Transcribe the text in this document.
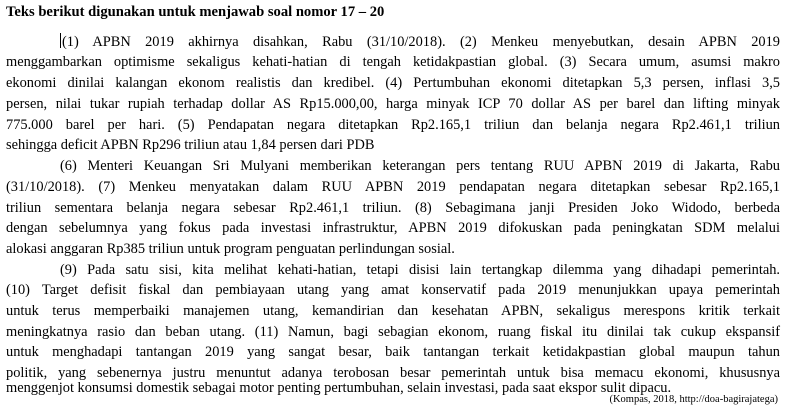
Teks berikut digunakan untuk menjawab soal nomor 17 – 20
(1) APBN 2019 akhirnya disahkan, Rabu (31/10/2018). (2) Menkeu menyebutkan, desain APBN 2019
menggambarkan optimisme sekaligus kehati-hatian di tengah ketidakpastian global. (3) Secara umum, asumsi makro
ekonomi dinilai kalangan ekonom realistis dan kredibel. (4) Pertumbuhan ekonomi ditetapkan 5,3 persen, inflasi 3,5
persen, nilai tukar rupiah terhadap dollar AS Rp15.000,00, harga minyak ICP 70 dollar AS per barel dan lifting minyak
775.000 barel per hari. (5) Pendapatan negara ditetapkan Rp2.165,1 triliun dan belanja negara Rp2.461,1 triliun
sehingga deficit APBN Rp296 triliun atau 1,84 persen dari PDB
(6) Menteri Keuangan Sri Mulyani memberikan keterangan pers tentang RUU APBN 2019 di Jakarta, Rabu
(31/10/2018). (7) Menkeu menyatakan dalam RUU APBN 2019 pendapatan negara ditetapkan sebesar Rp2.165,1
triliun sementara belanja negara sebesar Rp2.461,1 triliun. (8) Sebagimana janji Presiden Joko Widodo, berbeda
dengan sebelumnya yang fokus pada investasi infrastruktur, APBN 2019 difokuskan pada peningkatan SDM melalui
alokasi anggaran Rp385 triliun untuk program penguatan perlindungan sosial.
(9) Pada satu sisi, kita melihat kehati-hatian, tetapi disisi lain tertangkap dilemma yang dihadapi pemerintah.
(10) Target defisit fiskal dan pembiayaan utang yang amat konservatif pada 2019 menunjukkan upaya pemerintah
untuk terus memperbaiki manajemen utang, kemandirian dan kesehatan APBN, sekaligus merespons kritik terkait
meningkatnya rasio dan beban utang. (11) Namun, bagi sebagian ekonom, ruang fiskal itu dinilai tak cukup ekspansif
untuk menghadapi tantangan 2019 yang sangat besar, baik tantangan terkait ketidakpastian global maupun tahun
politik, yang sebenernya justru menuntut adanya terobosan besar pemerintah untuk bisa memacu ekonomi, khususnya
menggenjot konsumsi domestik sebagai motor penting pertumbuhan, selain investasi, pada saat ekspor sulit dipacu.
(Kompas, 2018, http://doa-bagirajatega)
